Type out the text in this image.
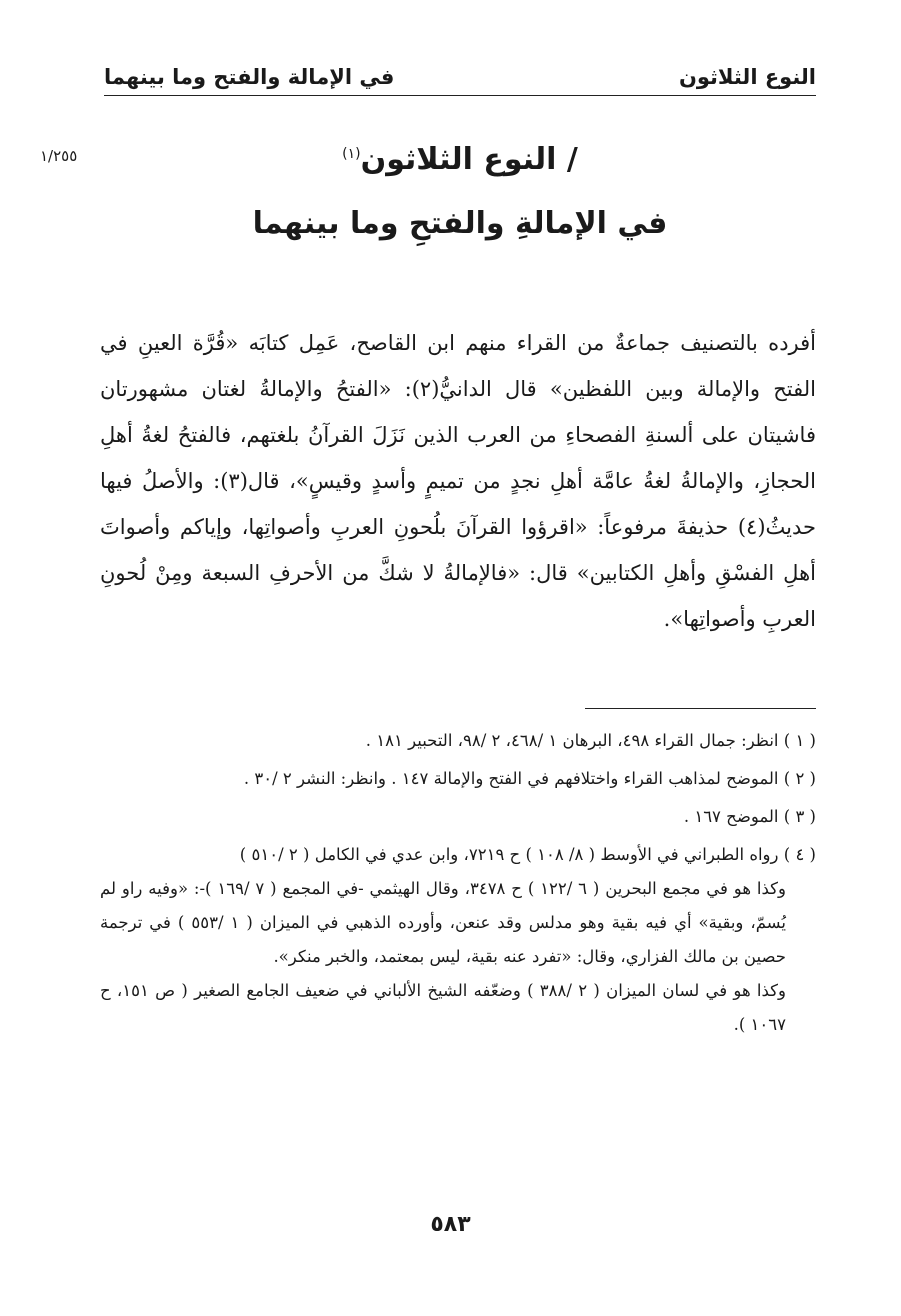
النوع الثلاثون
في الإمالة والفتح وما بينهما
١/٢٥٥	/ النوع الثلاثون$^{(١)}$
في الإمالةِ والفتحِ وما بينهما

أفرده بالتصنيف جماعةٌ من القراء منهم ابن القاصح، عَمِل كتابَه «قُرَّة العينِ في الفتح والإمالة وبين اللفظين» قال الدانيُّ(٢): «الفتحُ والإمالةُ لغتان مشهورتان فاشيتان على ألسنةِ الفصحاءِ من العرب الذين نَزَلَ القرآنُ بلغتهم، فالفتحُ لغةُ أهلِ الحجازِ، والإمالةُ لغةُ عامَّة أهلِ نجدٍ من تميمٍ وأسدٍ وقيسٍ»، قال(٣): والأصلُ فيها حديثُ(٤) حذيفةَ مرفوعاً: «اقرؤوا القرآنَ بلُحونِ العربِ وأصواتِها، وإياكم وأصواتَ أهلِ الفسْقِ وأهلِ الكتابين» قال: «فالإمالةُ لا شكَّ من الأحرفِ السبعة ومِنْ لُحونِ العربِ وأصواتِها».

( ١ ) انظر: جمال القراء ٤٩٨، البرهان ١ /٤٦٨، ٢ /٩٨، التحبير ١٨١ .

( ٢ ) الموضح لمذاهب القراء واختلافهم في الفتح والإمالة ١٤٧ . وانظر: النشر ٢ /٣٠ .

( ٣ ) الموضح ١٦٧ .

( ٤ ) رواه الطبراني في الأوسط ( ٨/ ١٠٨ ) ح ٧٢١٩، وابن عدي في الكامل ( ٢ /٥١٠ )
وكذا هو في مجمع البحرين ( ٦ /١٢٢ ) ح ٣٤٧٨، وقال الهيثمي -في المجمع ( ٧ /١٦٩ )-: «وفيه راو لم يُسمّ، وبقية» أي فيه بقية وهو مدلس وقد عنعن، وأورده الذهبي في الميزان ( ١ /٥٥٣ ) في ترجمة حصين بن مالك الفزاري، وقال: «تفرد عنه بقية، ليس بمعتمد، والخبر منكر».
وكذا هو في لسان الميزان ( ٢ /٣٨٨ ) وضعّفه الشيخ الألباني في ضعيف الجامع الصغير ( ص ١٥١، ح ١٠٦٧ ).
٥٨٣
